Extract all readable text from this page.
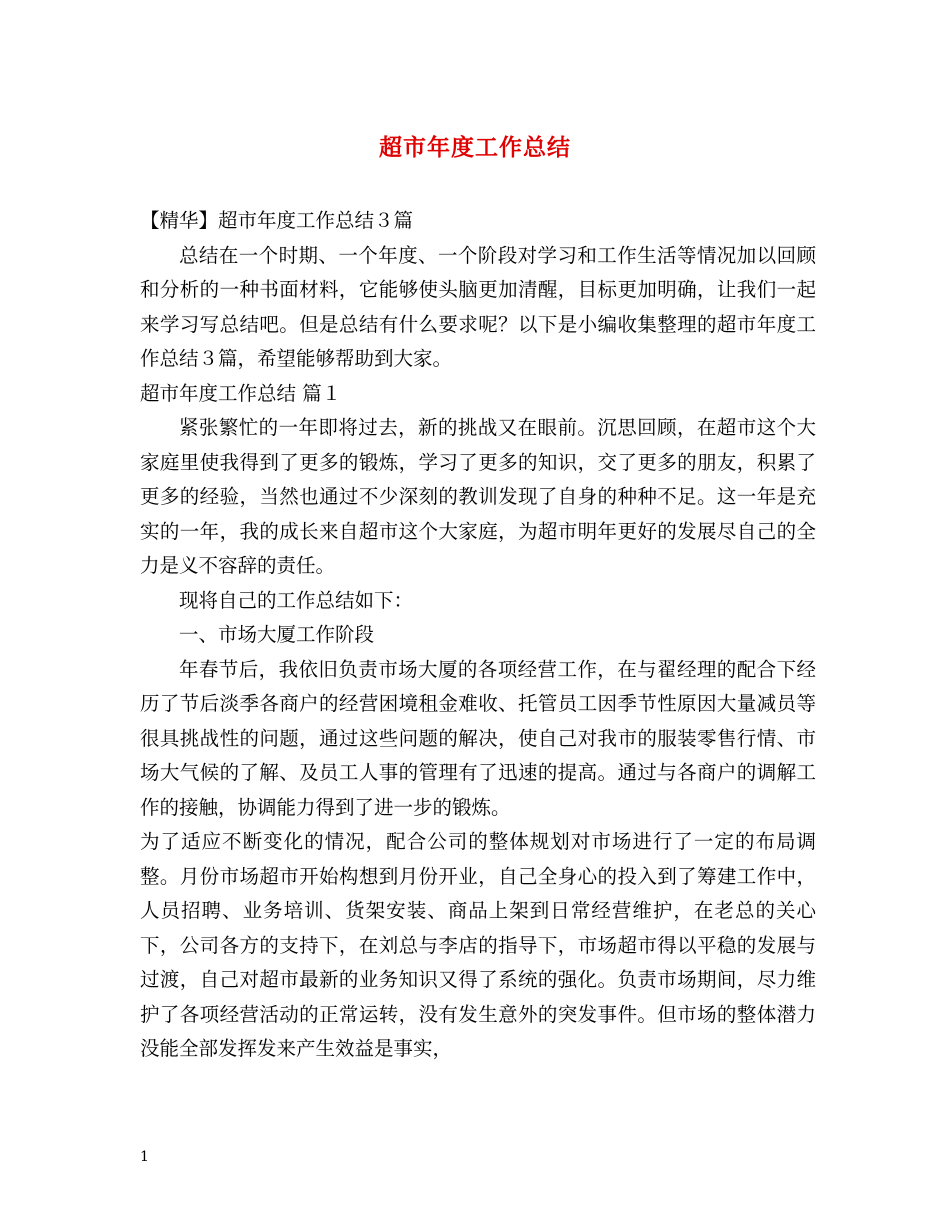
超市年度工作总结

【精华】超市年度工作总结３篇

总结在一个时期、一个年度、一个阶段对学习和工作生活等情况加以回顾和分析的一种书面材料，它能够使头脑更加清醒，目标更加明确，让我们一起来学习写总结吧。但是总结有什么要求呢？以下是小编收集整理的超市年度工作总结３篇，希望能够帮助到大家。

超市年度工作总结 篇１

紧张繁忙的一年即将过去，新的挑战又在眼前。沉思回顾，在超市这个大家庭里使我得到了更多的锻炼，学习了更多的知识，交了更多的朋友，积累了更多的经验，当然也通过不少深刻的教训发现了自身的种种不足。这一年是充实的一年，我的成长来自超市这个大家庭，为超市明年更好的发展尽自己的全力是义不容辞的责任。

现将自己的工作总结如下：

一、市场大厦工作阶段

年春节后，我依旧负责市场大厦的各项经营工作，在与翟经理的配合下经历了节后淡季各商户的经营困境租金难收、托管员工因季节性原因大量减员等很具挑战性的问题，通过这些问题的解决，使自己对我市的服装零售行情、市场大气候的了解、及员工人事的管理有了迅速的提高。通过与各商户的调解工作的接触，协调能力得到了进一步的锻炼。

为了适应不断变化的情况，配合公司的整体规划对市场进行了一定的布局调整。月份市场超市开始构想到月份开业，自己全身心的投入到了筹建工作中，人员招聘、业务培训、货架安装、商品上架到日常经营维护，在老总的关心下，公司各方的支持下，在刘总与李店的指导下，市场超市得以平稳的发展与过渡，自己对超市最新的业务知识又得了系统的强化。负责市场期间，尽力维护了各项经营活动的正常运转，没有发生意外的突发事件。但市场的整体潜力没能全部发挥发来产生效益是事实，

1
